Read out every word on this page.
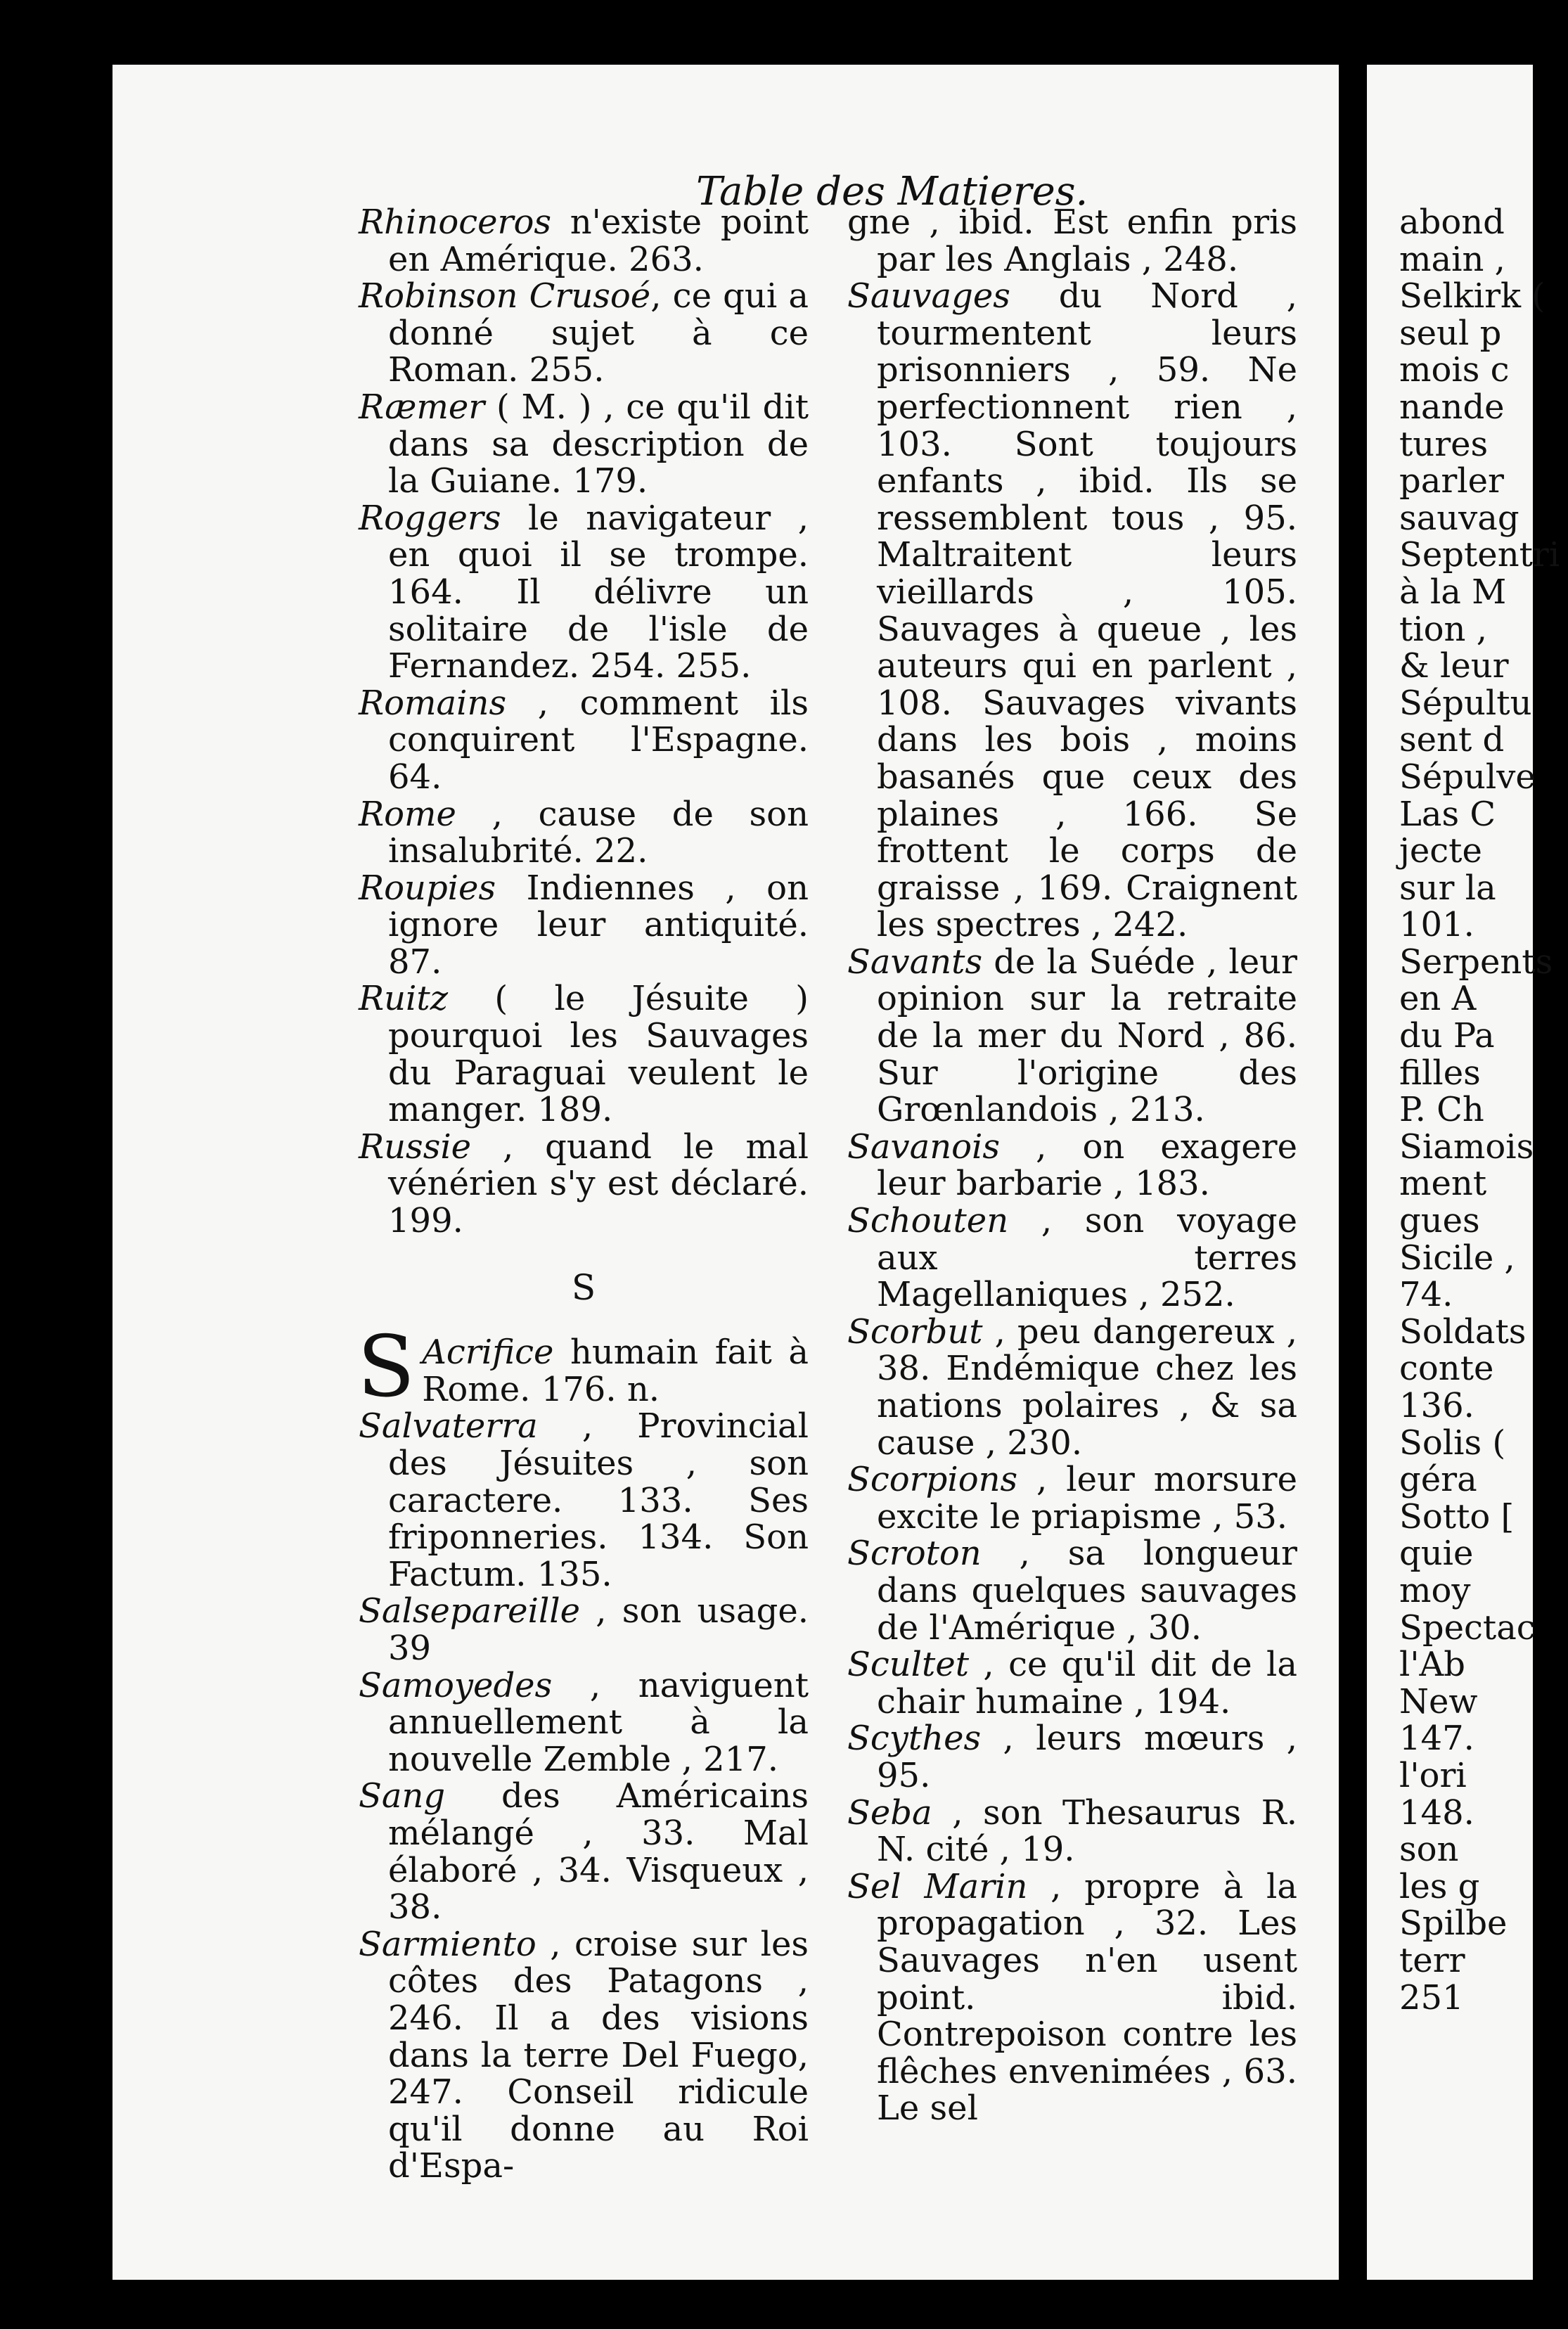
Table des Matieres.

Rhinoceros n'existe point en Amérique. 263.

Robinson Crusoé, ce qui a donné sujet à ce Roman. 255.

Ræmer ( M. ) , ce qu'il dit dans sa description de la Guiane. 179.

Roggers le navigateur , en quoi il se trompe. 164. Il délivre un solitaire de l'isle de Fernandez. 254. 255.

Romains , comment ils conquirent l'Espagne. 64.

Rome , cause de son insalubrité. 22.

Roupies Indiennes , on ignore leur antiquité. 87.

Ruitz ( le Jésuite ) pourquoi les Sauvages du Paraguai veulent le manger. 189.

Russie , quand le mal vénérien s'y est déclaré. 199.

S

S Acrifice humain fait à Rome. 176. n.

Salvaterra , Provincial des Jésuites , son caractere. 133. Ses friponneries. 134. Son Factum. 135.

Salsepareille , son usage. 39

Samoyedes , naviguent annuellement à la nouvelle Zemble , 217.

Sang des Américains mélangé , 33. Mal élaboré , 34. Visqueux , 38.

Sarmiento , croise sur les côtes des Patagons , 246. Il a des visions dans la terre Del Fuego, 247. Conseil ridicule qu'il donne au Roi d'Espa-

gne , ibid. Est enfin pris par les Anglais , 248.

Sauvages du Nord , tourmentent leurs prisonniers , 59. Ne perfectionnent rien , 103. Sont toujours enfants , ibid. Ils se ressemblent tous , 95. Maltraitent leurs vieillards , 105. Sauvages à queue , les auteurs qui en parlent , 108. Sauvages vivants dans les bois , moins basanés que ceux des plaines , 166. Se frottent le corps de graisse , 169. Craignent les spectres , 242.

Savants de la Suéde , leur opinion sur la retraite de la mer du Nord , 86. Sur l'origine des Grœnlandois , 213.

Savanois , on exagere leur barbarie , 183.

Schouten , son voyage aux terres Magellaniques , 252.

Scorbut , peu dangereux , 38. Endémique chez les nations polaires , & sa cause , 230.

Scorpions , leur morsure excite le priapisme , 53.

Scroton , sa longueur dans quelques sauvages de l'Amérique , 30.

Scultet , ce qu'il dit de la chair humaine , 194.

Scythes , leurs mœurs , 95.

Seba , son Thesaurus R. N. cité , 19.

Sel Marin , propre à la propagation , 32. Les Sauvages n'en usent point. ibid. Contrepoison contre les flêches envenimées , 63. Le sel

abond
main ,
Selkirk (
seul p
mois c
nande
tures
parler
sauvag
Septentri
à la M
tion ,
& leur
Sépultu
sent d
Sépulve
Las C
jecte
sur la
101.
Serpents
en A
du Pa
filles
P. Ch
Siamois
ment
gues
Sicile ,
74.
Soldats
conte
136.
Solis (
géra
Sotto [
quie
moy
Spectac
l'Ab
New
147.
l'ori
148.
son
les g
Spilbe
terr
251
